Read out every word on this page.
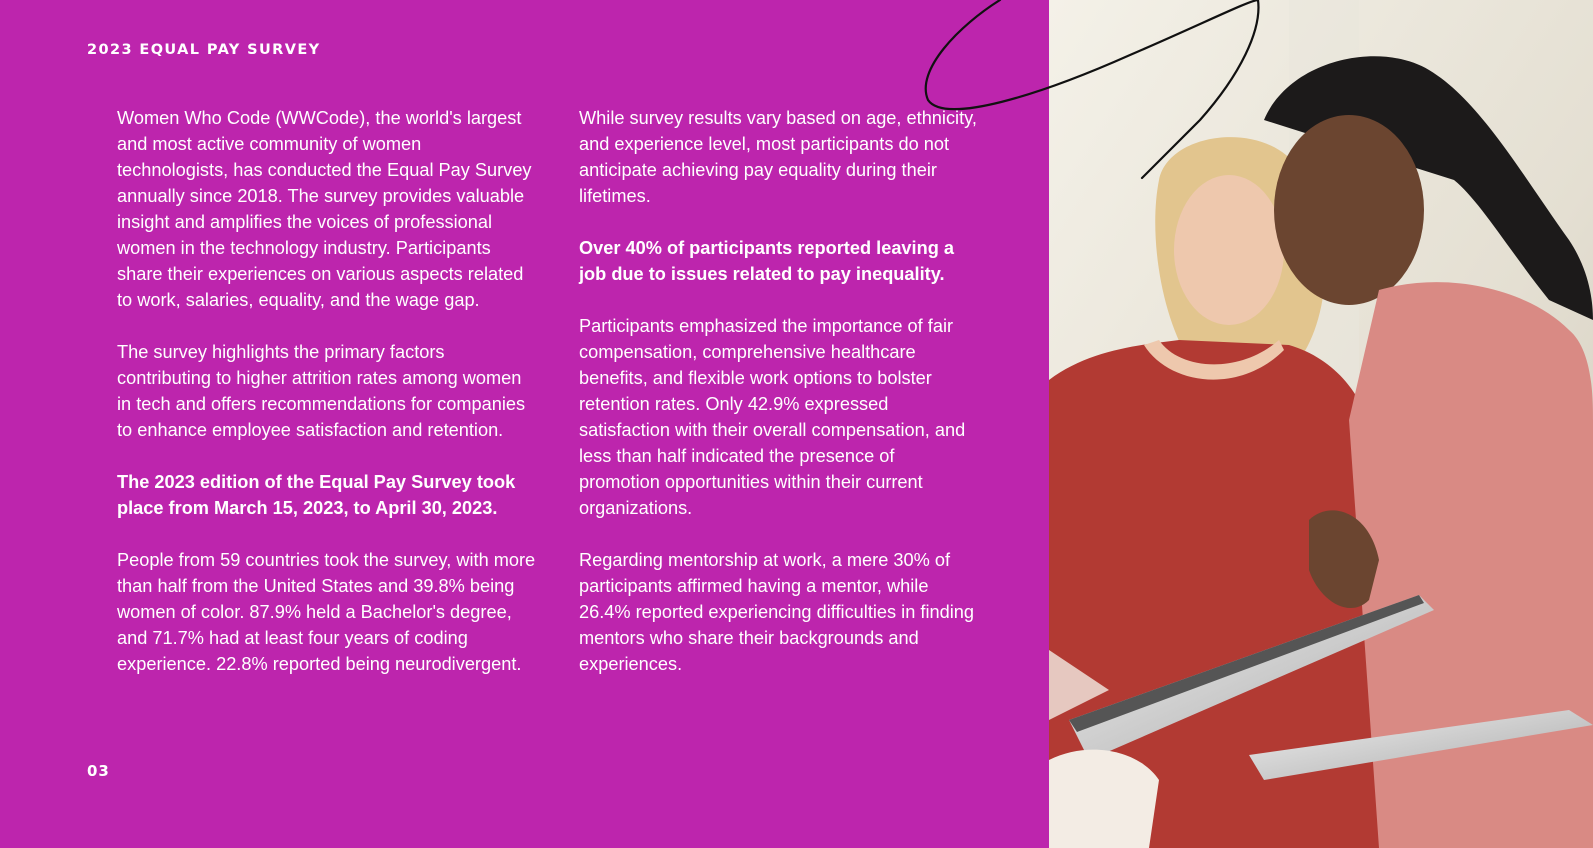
2023 EQUAL PAY SURVEY

Women Who Code (WWCode), the world's largest and most active community of women technologists, has conducted the Equal Pay Survey annually since 2018. The survey provides valuable insight and amplifies the voices of professional women in the technology industry. Participants share their experiences on various aspects related to work, salaries, equality, and the wage gap.

The survey highlights the primary factors contributing to higher attrition rates among women in tech and offers recommendations for companies to enhance employee satisfaction and retention.

The 2023 edition of the Equal Pay Survey took place from March 15, 2023, to April 30, 2023.

People from 59 countries took the survey, with more than half from the United States and 39.8% being women of color. 87.9% held a Bachelor's degree, and 71.7% had at least four years of coding experience. 22.8% reported being neurodivergent.

While survey results vary based on age, ethnicity, and experience level, most participants do not anticipate achieving pay equality during their lifetimes.

Over 40% of participants reported leaving a job due to issues related to pay inequality.

Participants emphasized the importance of fair compensation, comprehensive healthcare benefits, and flexible work options to bolster retention rates. Only 42.9% expressed satisfaction with their overall compensation, and less than half indicated the presence of promotion opportunities within their current organizations.

Regarding mentorship at work, a mere 30% of participants affirmed having a mentor, while 26.4% reported experiencing difficulties in finding mentors who share their backgrounds and experiences.

03
